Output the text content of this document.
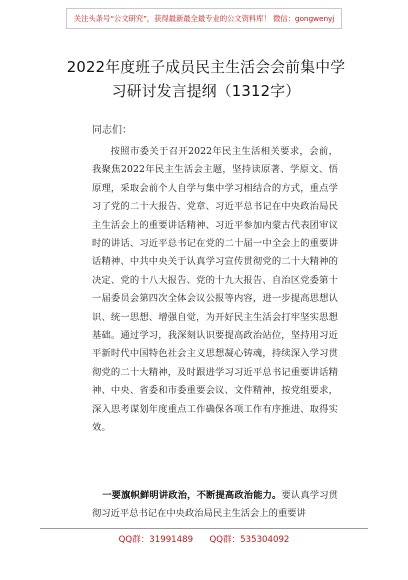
关注头条号“公文研究”，获得最新最全最专业的公文资料库！ 微信：gongwenyj
2022年度班子成员民主生活会会前集中学习研讨发言提纲（1312字）
同志们：
按照市委关于召开2022年民主生活相关要求，会前，我聚焦2022年民主生活会主题，坚持读原著、学原文、悟原理，采取会前个人自学与集中学习相结合的方式，重点学习了党的二十大报告、党章、习近平总书记在中央政治局民主生活会上的重要讲话精神、习近平参加内蒙古代表团审议时的讲话、习近平总书记在党的二十届一中全会上的重要讲话精神、中共中央关于认真学习宣传贯彻党的二十大精神的决定、党的十八大报告、党的十九大报告、自治区党委第十一届委员会第四次全体会议公报等内容，进一步提高思想认识、统一思想、增强自觉，为开好民主生活会打牢坚实思想基础。通过学习，我深刻认识要提高政治站位，坚持用习近平新时代中国特色社会主义思想凝心铸魂，持续深入学习贯彻党的二十大精神，及时跟进学习习近平总书记重要讲话精神、中央、省委和市委重要会议、文件精神，按党组要求，深入思考谋划年度重点工作确保各项工作有序推进、取得实效。
一要旗帜鲜明讲政治，不断提高政治能力。要认真学习贯彻习近平总书记在中央政治局民主生活会上的重要讲
QQ群：31991489 QQ群：535304092
